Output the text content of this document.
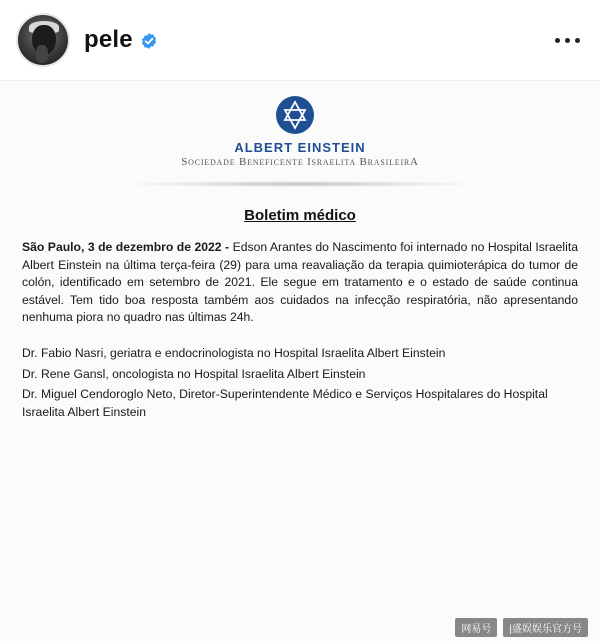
pele
ALBERT EINSTEIN
Sociedade Beneficente Israelita BrasileirA
Boletim médico
São Paulo, 3 de dezembro de 2022 - Edson Arantes do Nascimento foi internado no Hospital Israelita Albert Einstein na última terça-feira (29) para uma reavaliação da terapia quimioterápica do tumor de colón, identificado em setembro de 2021. Ele segue em tratamento e o estado de saúde continua estável. Tem tido boa resposta também aos cuidados na infecção respiratória, não apresentando nenhuma piora no quadro nas últimas 24h.

Dr. Fabio Nasri, geriatra e endocrinologista no Hospital Israelita Albert Einstein

Dr. Rene Gansl, oncologista no Hospital Israelita Albert Einstein

Dr. Miguel Cendoroglo Neto, Diretor-Superintendente Médico e Serviços Hospitalares do Hospital Israelita Albert Einstein

网易号	|盛娱娱乐官方号
